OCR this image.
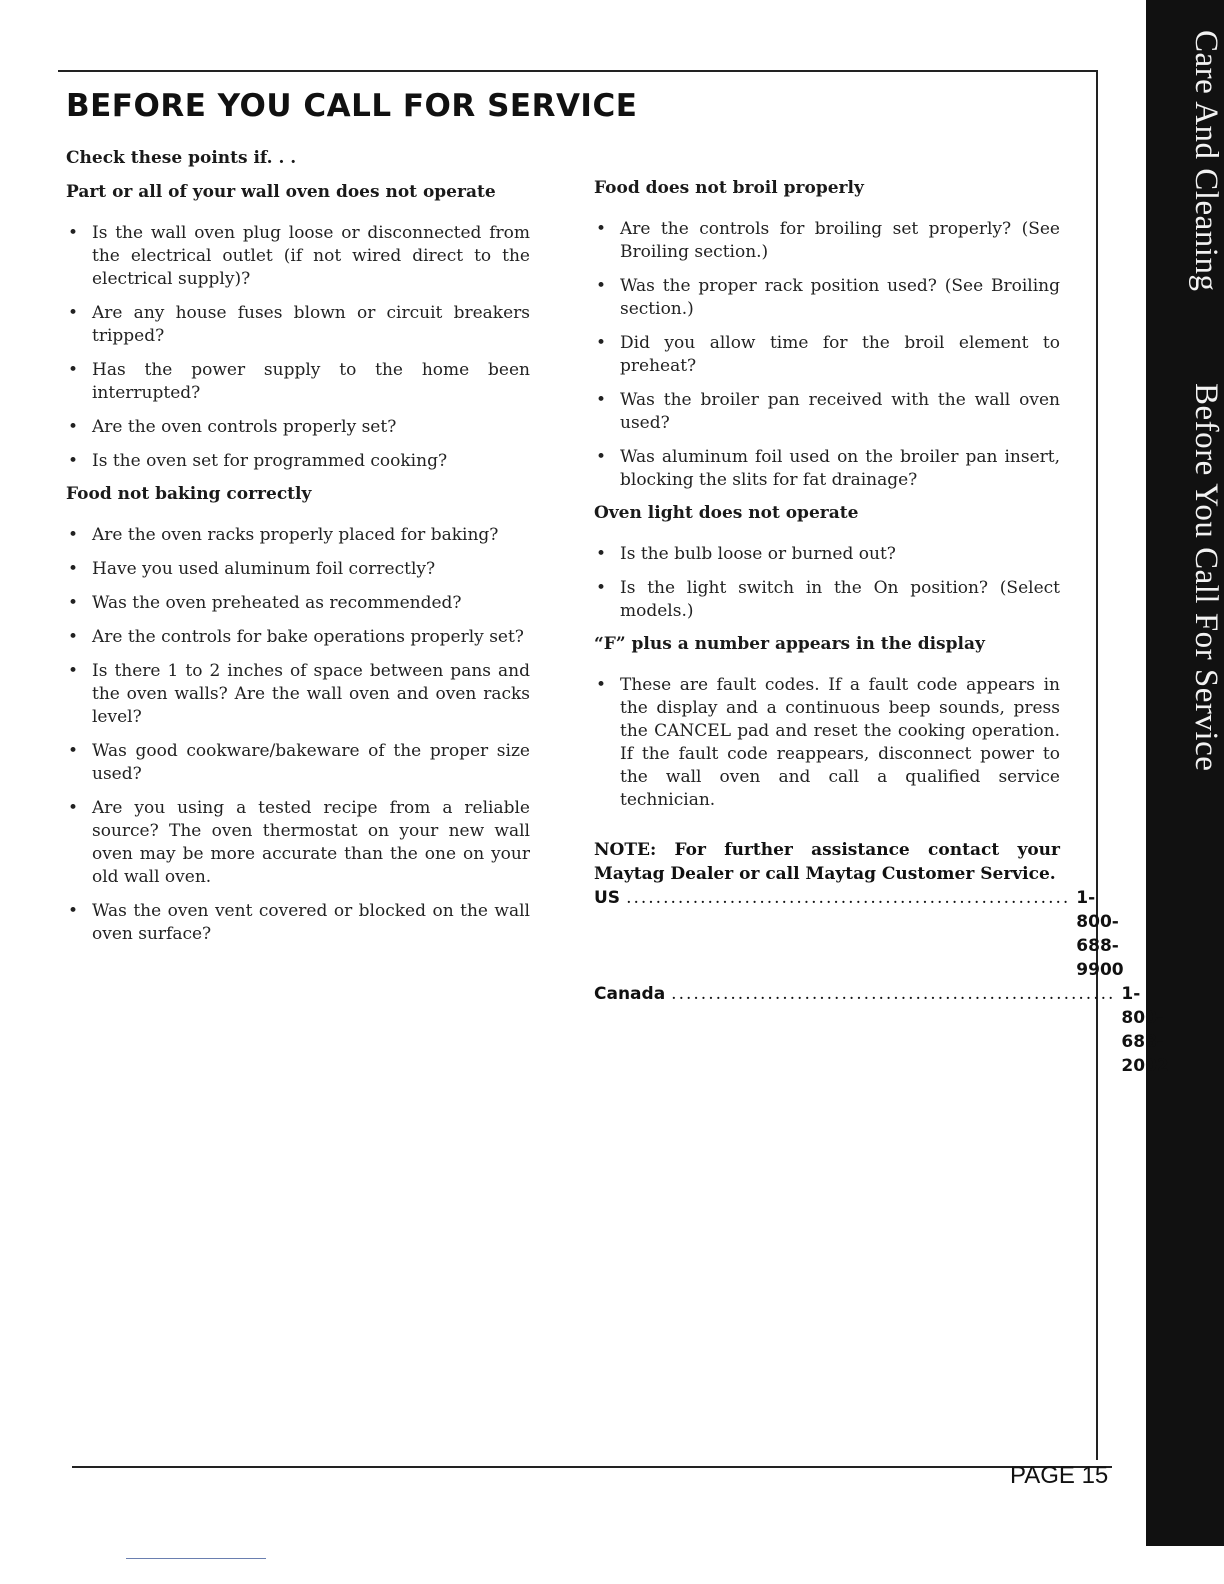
Care And CleaningBefore You Call For Service
BEFORE YOU CALL FOR SERVICE

Check these points if. . .

Part or all of your wall oven does not operate

• Is the wall oven plug loose or disconnected from the electrical outlet (if not wired direct to the electrical supply)?
• Are any house fuses blown or circuit breakers tripped?
• Has the power supply to the home been interrupted?
• Are the oven controls properly set?
• Is the oven set for programmed cooking?

Food not baking correctly

• Are the oven racks properly placed for baking?
• Have you used aluminum foil correctly?
• Was the oven preheated as recommended?
• Are the controls for bake operations properly set?
• Is there 1 to 2 inches of space between pans and the oven walls? Are the wall oven and oven racks level?
• Was good cookware/bakeware of the proper size used?
• Are you using a tested recipe from a reliable source? The oven thermostat on your new wall oven may be more accurate than the one on your old wall oven.
• Was the oven vent covered or blocked on the wall oven surface?

Food does not broil properly

• Are the controls for broiling set properly? (See Broiling section.)
• Was the proper rack position used? (See Broiling section.)
• Did you allow time for the broil element to preheat?
• Was the broiler pan received with the wall oven used?
• Was aluminum foil used on the broiler pan insert, blocking the slits for fat drainage?

Oven light does not operate

• Is the bulb loose or burned out?
• Is the light switch in the On position? (Select models.)

“F” plus a number appears in the display

• These are fault codes. If a fault code appears in the display and a continuous beep sounds, press the CANCEL pad and reset the cooking operation. If the fault code reappears, disconnect power to the wall oven and call a qualified service technician.
NOTE: For further assistance contact your Maytag Dealer or call Maytag Customer Service.
US ............................................................ 1-800-688-9900
Canada ............................................................ 1-800-688-2002
PAGE 15
